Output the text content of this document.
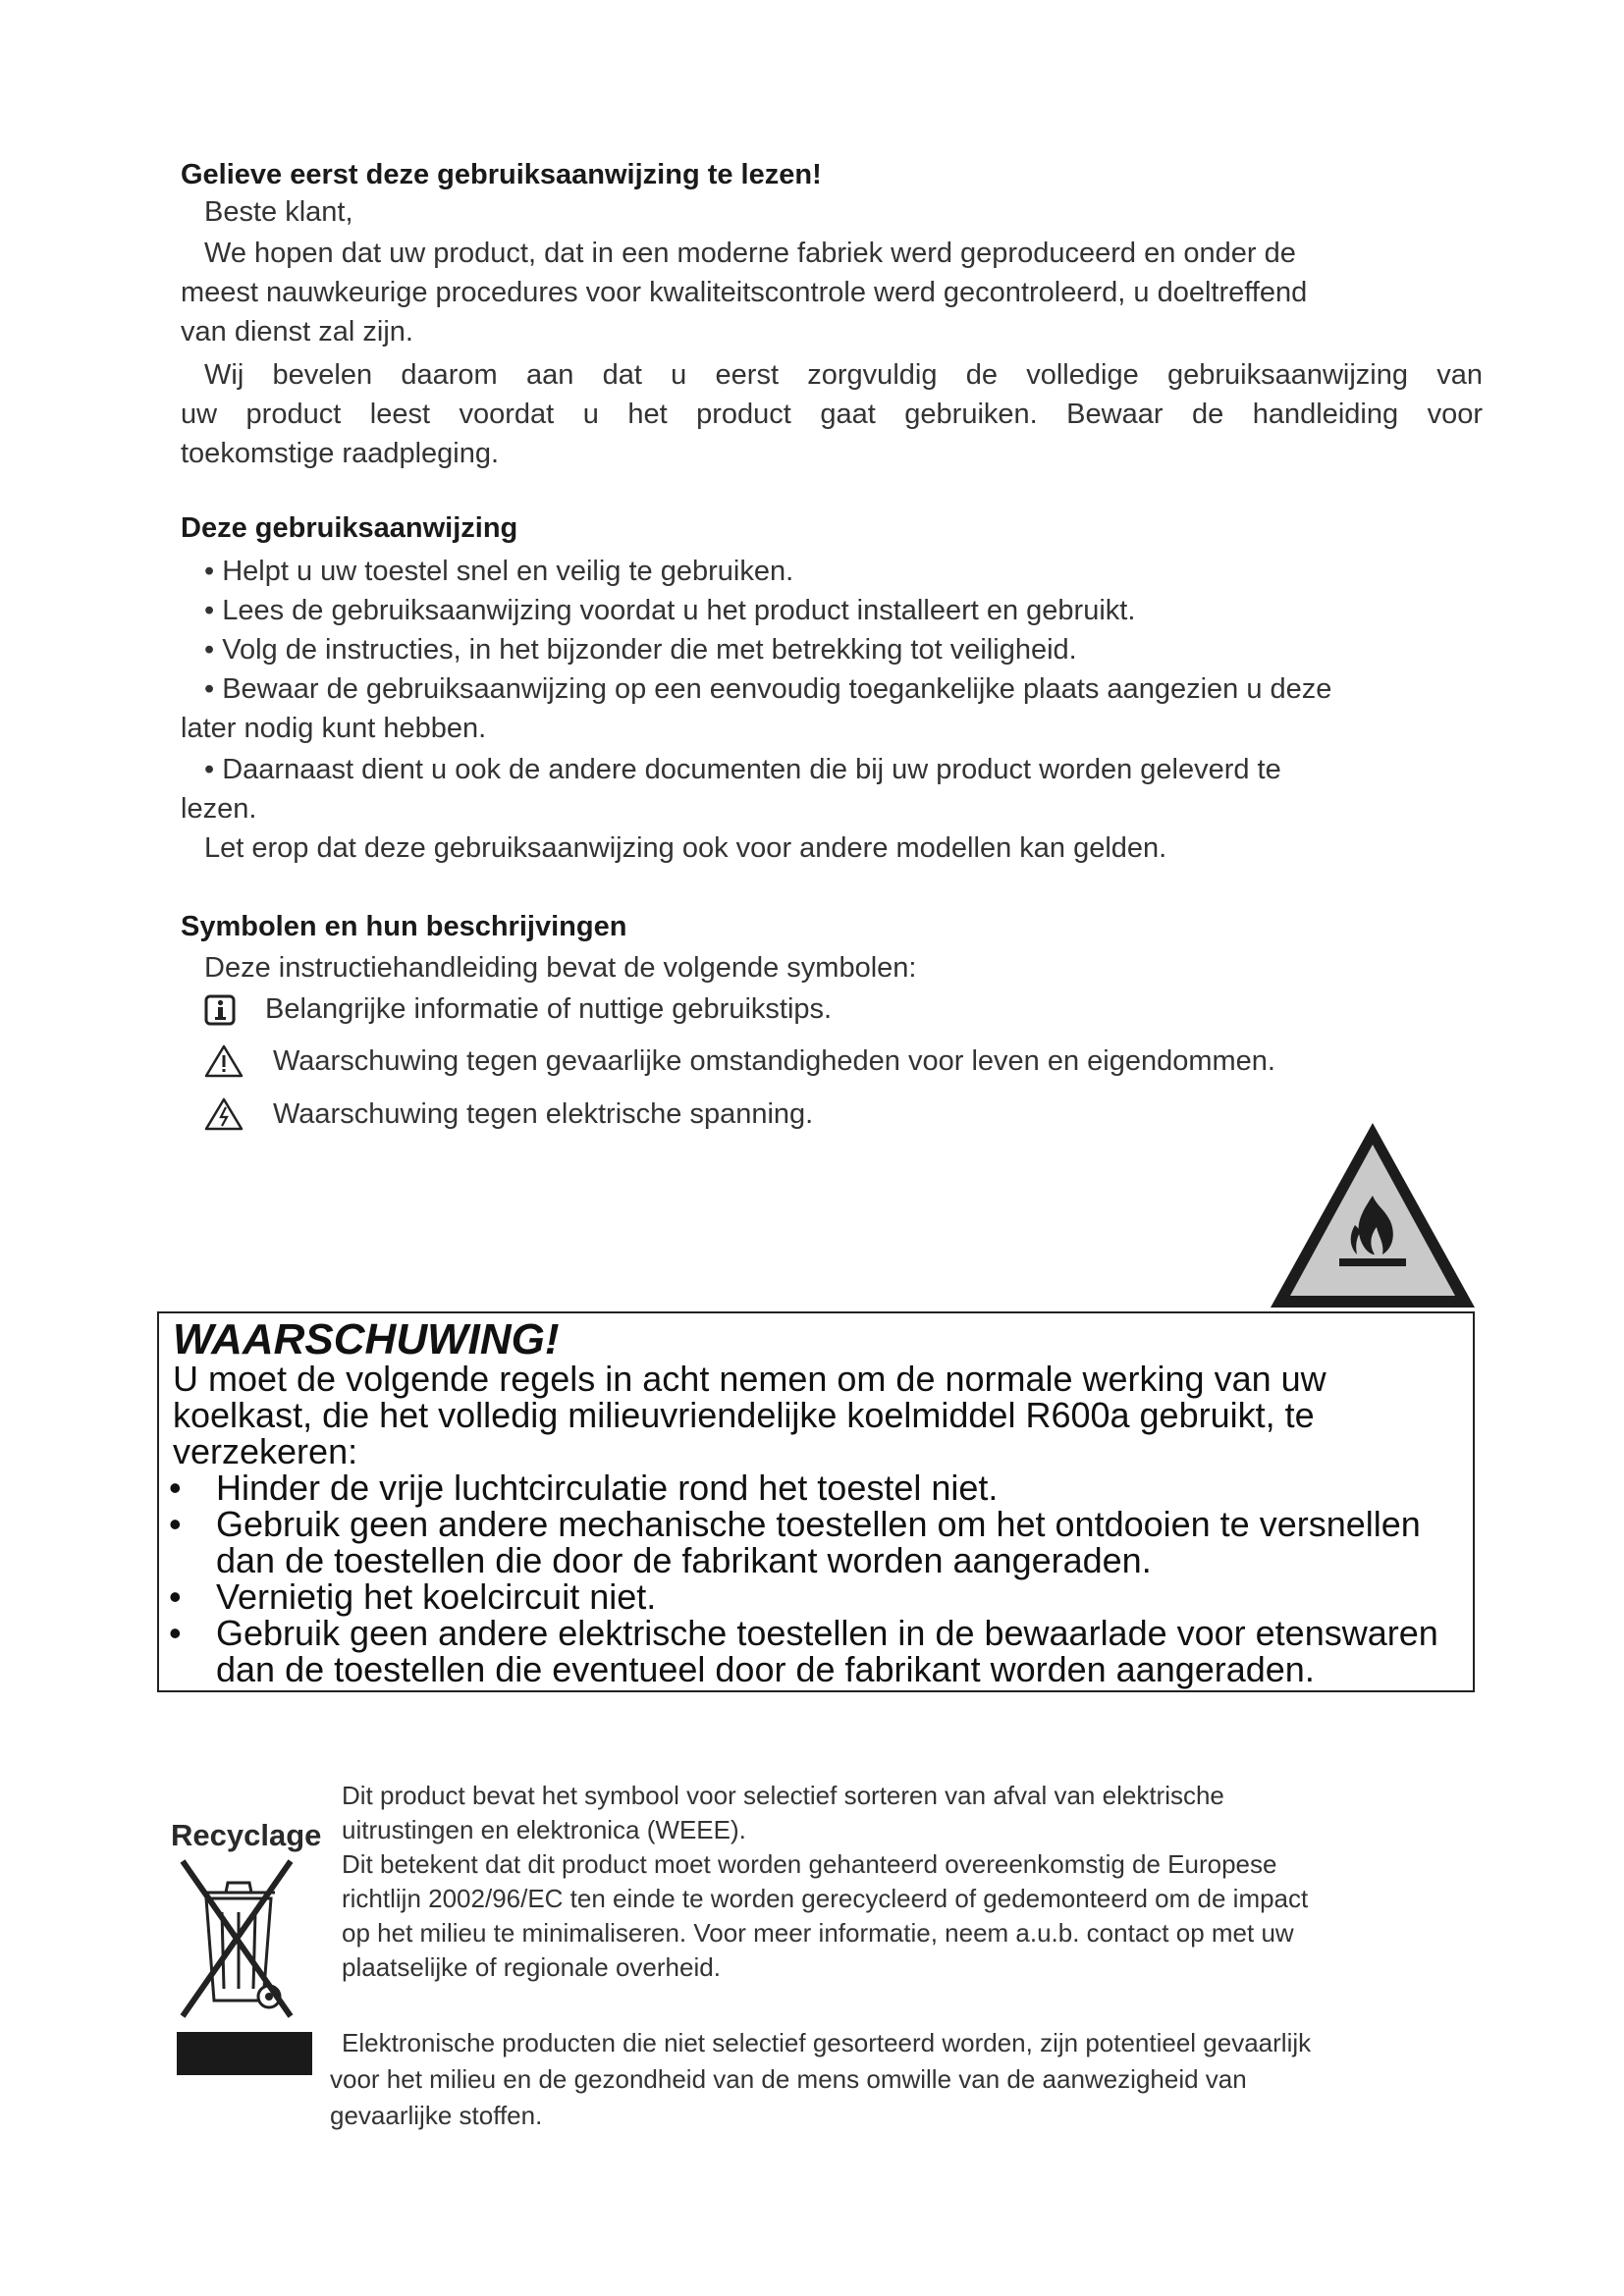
Gelieve eerst deze gebruiksaanwijzing te lezen!
Beste klant,
We hopen dat uw product, dat in een moderne fabriek werd geproduceerd en onder de
meest nauwkeurige procedures voor kwaliteitscontrole werd gecontroleerd, u doeltreffend
van dienst zal zijn.
Wij bevelen daarom aan dat u eerst zorgvuldig de volledige gebruiksaanwijzing van
uw product leest voordat u het product gaat gebruiken. Bewaar de handleiding voor
toekomstige raadpleging.
Deze gebruiksaanwijzing
• Helpt u uw toestel snel en veilig te gebruiken.
• Lees de gebruiksaanwijzing voordat u het product installeert en gebruikt.
• Volg de instructies, in het bijzonder die met betrekking tot veiligheid.
• Bewaar de gebruiksaanwijzing op een eenvoudig toegankelijke plaats aangezien u deze
later nodig kunt hebben.
• Daarnaast dient u ook de andere documenten die bij uw product worden geleverd te
lezen.
Let erop dat deze gebruiksaanwijzing ook voor andere modellen kan gelden.
Symbolen en hun beschrijvingen
Deze instructiehandleiding bevat de volgende symbolen:
Belangrijke informatie of nuttige gebruikstips.
Waarschuwing tegen gevaarlijke omstandigheden voor leven en eigendommen.
Waarschuwing tegen elektrische spanning.
WAARSCHUWING!
U moet de volgende regels in acht nemen om de normale werking van uw
koelkast, die het volledig milieuvriendelijke koelmiddel R600a gebruikt, te
verzekeren:
• Hinder de vrije luchtcirculatie rond het toestel niet.
• Gebruik geen andere mechanische toestellen om het ontdooien te versnellen
dan de toestellen die door de fabrikant worden aangeraden.
• Vernietig het koelcircuit niet.
• Gebruik geen andere elektrische toestellen in de bewaarlade voor etenswaren
dan de toestellen die eventueel door de fabrikant worden aangeraden.
Recyclage
Dit product bevat het symbool voor selectief sorteren van afval van elektrische
uitrustingen en elektronica (WEEE).
Dit betekent dat dit product moet worden gehanteerd overeenkomstig de Europese
richtlijn 2002/96/EC ten einde te worden gerecycleerd of gedemonteerd om de impact
op het milieu te minimaliseren. Voor meer informatie, neem a.u.b. contact op met uw
plaatselijke of regionale overheid.
Elektronische producten die niet selectief gesorteerd worden, zijn potentieel gevaarlijk
voor het milieu en de gezondheid van de mens omwille van de aanwezigheid van
gevaarlijke stoffen.
